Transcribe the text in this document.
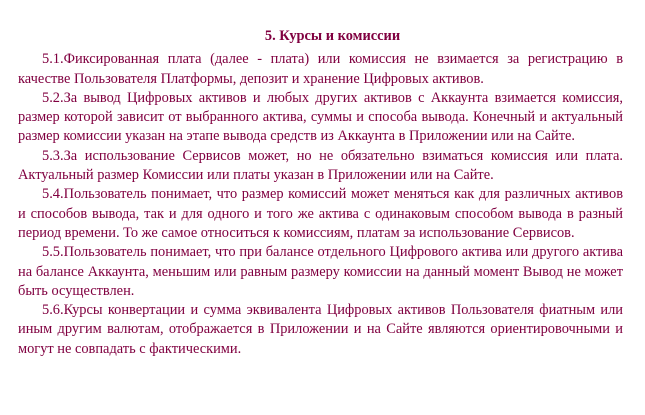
5. Курсы и комиссии

5.1.Фиксированная плата (далее - плата) или комиссия не взимается за регистрацию в качестве Пользователя Платформы, депозит и хранение Цифровых активов.

5.2.За вывод Цифровых активов и любых других активов с Аккаунта взимается комиссия, размер которой зависит от выбранного актива, суммы и способа вывода. Конечный и актуальный размер комиссии указан на этапе вывода средств из Аккаунта в Приложении или на Сайте.

5.3.За использование Сервисов может, но не обязательно взиматься комиссия или плата. Актуальный размер Комиссии или платы указан в Приложении или на Сайте.

5.4.Пользователь понимает, что размер комиссий может меняться как для различных активов и способов вывода, так и для одного и того же актива с одинаковым способом вывода в разный период времени. То же самое относиться к комиссиям, платам за использование Сервисов.

5.5.Пользователь понимает, что при балансе отдельного Цифрового актива или другого актива на балансе Аккаунта, меньшим или равным размеру комиссии на данный момент Вывод не может быть осуществлен.

5.6.Курсы конвертации и сумма эквивалента Цифровых активов Пользователя фиатным или иным другим валютам, отображается в Приложении и на Сайте являются ориентировочными и могут не совпадать с фактическими.
